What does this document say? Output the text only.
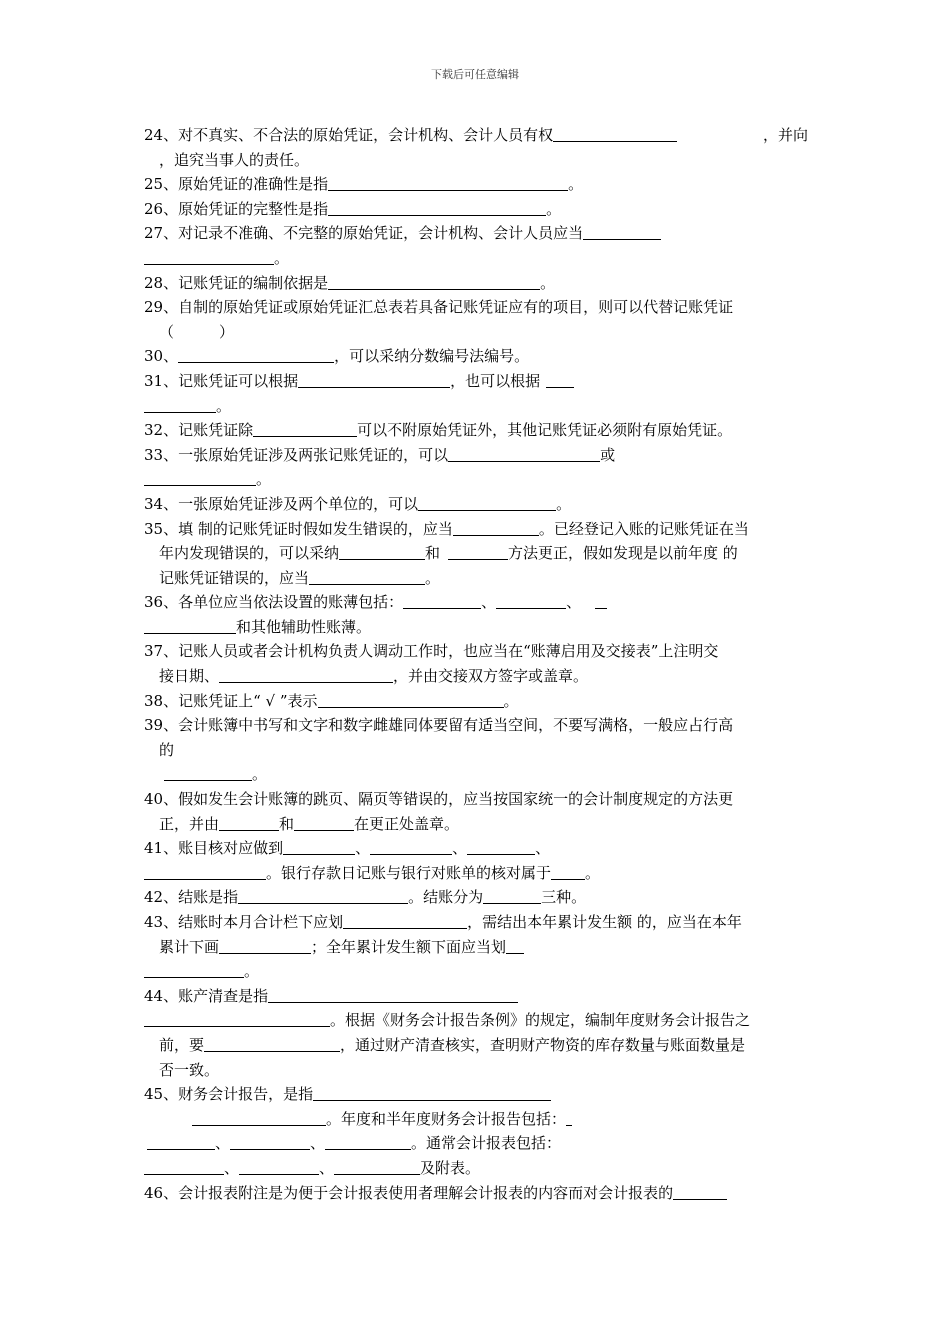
下载后可任意编辑
24、对不真实、不合法的原始凭证，会计机构、会计人员有权	，并向
，追究当事人的责任。
25、原始凭证的准确性是指	。
26、原始凭证的完整性是指	。
27、对记录不准确、不完整的原始凭证，会计机构、会计人员应当
。
28、记账凭证的编制依据是	。
29、自制的原始凭证或原始凭证汇总表若具备记账凭证应有的项目，则可以代替记账凭证
（　　　）
30、	，可以采纳分数编号法编号。
31、记账凭证可以根据	，也可以根据
。
32、记账凭证除	可以不附原始凭证外，其他记账凭证必须附有原始凭证。
33、一张原始凭证涉及两张记账凭证的，可以	或
。
34、一张原始凭证涉及两个单位的，可以	。
35、填 制的记账凭证时假如发生错误的，应当	。已经登记入账的记账凭证在当
年内发现错误的，可以采纳	和	方法更正，假如发现是以前年度 的
记账凭证错误的，应当	。
36、各单位应当依法设置的账薄包括：	、	、
和其他辅助性账薄。
37、记账人员或者会计机构负责人调动工作时，也应当在“账薄启用及交接表”上注明交
接日期、	，并由交接双方签字或盖章。
38、记账凭证上“ √ ”表示	。
39、会计账簿中书写和文字和数字雌雄同体要留有适当空间，不要写满格，一般应占行高
的
。
40、假如发生会计账簿的跳页、隔页等错误的，应当按国家统一的会计制度规定的方法更
正，并由	和	在更正处盖章。
41、账目核对应做到	、	、	、
。银行存款日记账与银行对账单的核对属于 。
42、结账是指	。结账分为	三种。
43、结账时本月合计栏下应划	，需结出本年累计发生额 的，应当在本年
累计下画	；全年累计发生额下面应当划
。
44、账产清查是指
。根据《财务会计报告条例》的规定，编制年度财务会计报告之
前，要	，通过财产清查核实，查明财产物资的库存数量与账面数量是
否一致。
45、财务会计报告，是指
。年度和半年度财务会计报告包括：
、	、	。通常会计报表包括：
、	、	及附表。
46、会计报表附注是为便于会计报表使用者理解会计报表的内容而对会计报表的
